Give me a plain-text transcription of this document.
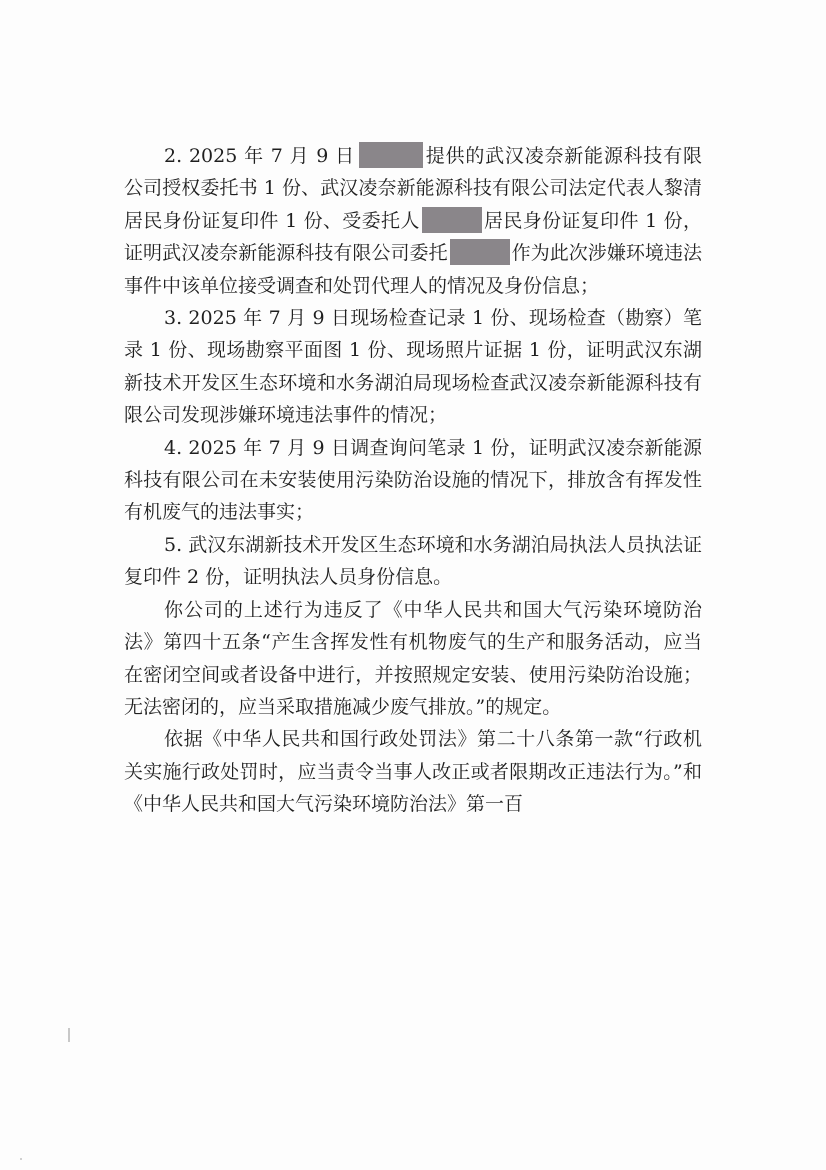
2. 2025 年 7 月 9 日	提供的武汉凌奈新能源科技有限公司授权委托书 1 份、武汉凌奈新能源科技有限公司法定代表人黎清居民身份证复印件 1 份、受委托人	居民身份证复印件 1 份，证明武汉凌奈新能源科技有限公司委托	作为此次涉嫌环境违法事件中该单位接受调查和处罚代理人的情况及身份信息；

3. 2025 年 7 月 9 日现场检查记录 1 份、现场检查（勘察）笔录 1 份、现场勘察平面图 1 份、现场照片证据 1 份，证明武汉东湖新技术开发区生态环境和水务湖泊局现场检查武汉凌奈新能源科技有限公司发现涉嫌环境违法事件的情况；

4. 2025 年 7 月 9 日调查询问笔录 1 份，证明武汉凌奈新能源科技有限公司在未安装使用污染防治设施的情况下，排放含有挥发性有机废气的违法事实；

5. 武汉东湖新技术开发区生态环境和水务湖泊局执法人员执法证复印件 2 份，证明执法人员身份信息。

你公司的上述行为违反了《中华人民共和国大气污染环境防治法》第四十五条“产生含挥发性有机物废气的生产和服务活动，应当在密闭空间或者设备中进行，并按照规定安装、使用污染防治设施；无法密闭的，应当采取措施减少废气排放。”的规定。

依据《中华人民共和国行政处罚法》第二十八条第一款“行政机关实施行政处罚时，应当责令当事人改正或者限期改正违法行为。”和《中华人民共和国大气污染环境防治法》第一百
